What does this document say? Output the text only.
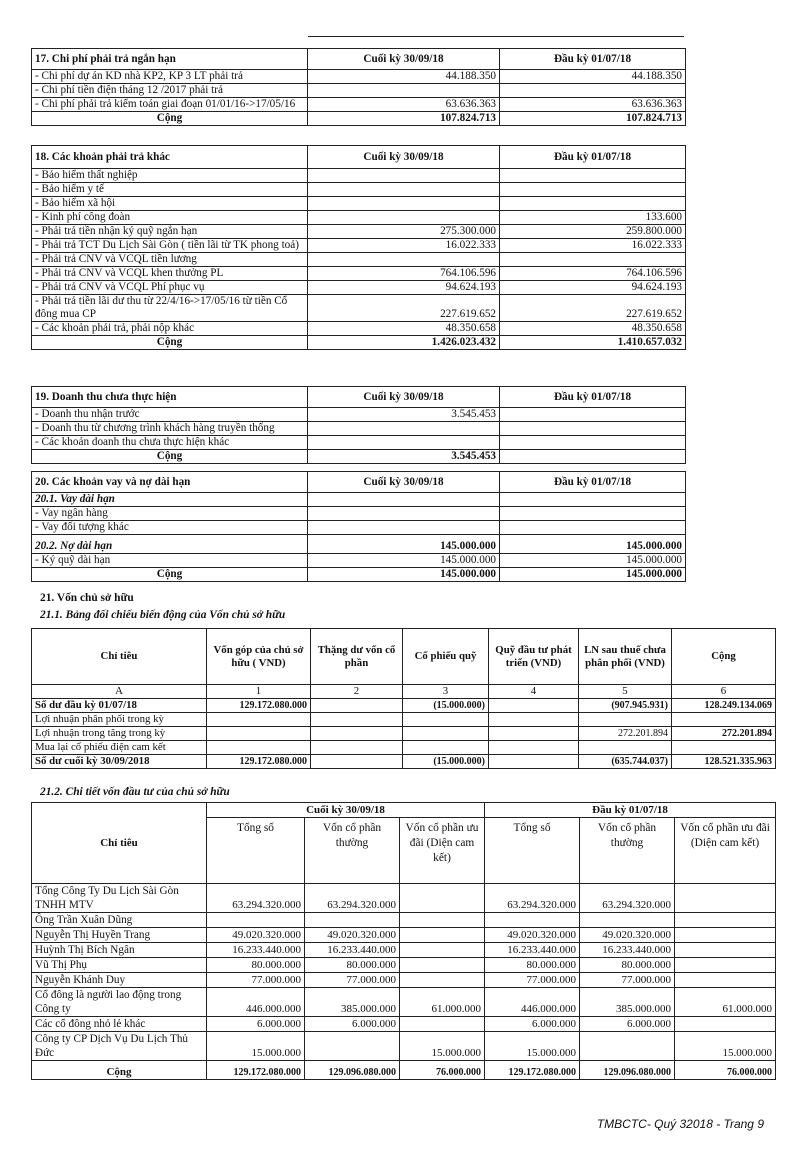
17. Chi phí phải trả ngắn hạn	Cuối kỳ 30/09/18	Đầu kỳ 01/07/18
- Chi phí dự án KD nhà KP2, KP 3 LT phải trả	44.188.350	44.188.350
- Chi phí tiền điện tháng 12 /2017 phải trả		
- Chi phí phải trả kiểm toán giai đoạn 01/01/16->17/05/16	63.636.363	63.636.363
Cộng	107.824.713	107.824.713
18. Các khoản phải trả khác	Cuối kỳ 30/09/18	Đầu kỳ 01/07/18
- Bảo hiểm thất nghiệp		
- Bảo hiểm y tế		
- Bảo hiểm xã hội		
- Kinh phí công đoàn		133.600
- Phải trả tiền nhận ký quỹ ngắn hạn	275.300.000	259.800.000
- Phải trả TCT Du Lịch Sài Gòn ( tiền lãi từ TK phong toả)	16.022.333	16.022.333
- Phải trả CNV và VCQL tiền lương		
- Phải trả CNV và VCQL khen thưởng PL	764.106.596	764.106.596
- Phải trả CNV và VCQL Phí phục vụ	94.624.193	94.624.193
- Phải trả tiền lãi dư thu từ 22/4/16->17/05/16 từ tiền Cổ đông mua CP	227.619.652	227.619.652
- Các khoản phải trả, phải nộp khác	48.350.658	48.350.658
Cộng	1.426.023.432	1.410.657.032
19. Doanh thu chưa thực hiện	Cuối kỳ 30/09/18	Đầu kỳ 01/07/18
- Doanh thu nhận trước	3.545.453	
- Doanh thu từ chương trình khách hàng truyền thống		
- Các khoản doanh thu chưa thực hiện khác		
Cộng	3.545.453	
20. Các khoản vay và nợ dài hạn	Cuối kỳ 30/09/18	Đầu kỳ 01/07/18
20.1. Vay dài hạn		
- Vay ngân hàng		
- Vay đối tượng khác		
20.2. Nợ dài hạn	145.000.000	145.000.000
- Ký quỹ dài hạn	145.000.000	145.000.000
Cộng	145.000.000	145.000.000
21. Vốn chủ sở hữu
21.1. Bảng đối chiếu biến động của Vốn chủ sở hữu
Chỉ tiêu	Vốn góp của chủ sở hữu ( VND)	Thặng dư vốn cổ phần	Cổ phiếu quỹ	Quỹ đầu tư phát triển (VND)	LN sau thuế chưa phân phối (VND)	Cộng
A	1	2	3	4	5	6
Số dư đầu kỳ 01/07/18	129.172.080.000		(15.000.000)		(907.945.931)	128.249.134.069
Lợi nhuận phân phối trong kỳ						
Lợi nhuận trong tăng trong kỳ					272.201.894	272.201.894
Mua lại cổ phiếu điện cam kết						
Số dư cuối kỳ 30/09/2018	129.172.080.000		(15.000.000)		(635.744.037)	128.521.335.963
21.2. Chi tiết vốn đầu tư của chủ sở hữu
Chỉ tiêu	Cuối kỳ 30/09/18			Đầu kỳ 01/07/18		
	Tổng số	Vốn cổ phần thường	Vốn cổ phần ưu đãi (Diện cam kết)	Tổng số	Vốn cổ phần thường	Vốn cổ phần ưu đãi (Diện cam kết)
Tổng Công Ty Du Lịch Sài Gòn TNHH MTV	63.294.320.000	63.294.320.000		63.294.320.000	63.294.320.000	
Ông Trần Xuân Dũng						
Nguyễn Thị Huyền Trang	49.020.320.000	49.020.320.000		49.020.320.000	49.020.320.000	
Huỳnh Thị Bích Ngân	16.233.440.000	16.233.440.000		16.233.440.000	16.233.440.000	
Vũ Thị Phụ	80.000.000	80.000.000		80.000.000	80.000.000	
Nguyễn Khánh Duy	77.000.000	77.000.000		77.000.000	77.000.000	
Cổ đông là người lao động trong Công ty	446.000.000	385.000.000	61.000.000	446.000.000	385.000.000	61.000.000
Các cổ đông nhỏ lẻ khác	6.000.000	6.000.000		6.000.000	6.000.000	
Công ty CP Dịch Vụ Du Lịch Thủ Đức	15.000.000		15.000.000	15.000.000		15.000.000
Cộng	129.172.080.000	129.096.080.000	76.000.000	129.172.080.000	129.096.080.000	76.000.000
TMBCTC- Quý 32018 - Trang 9
